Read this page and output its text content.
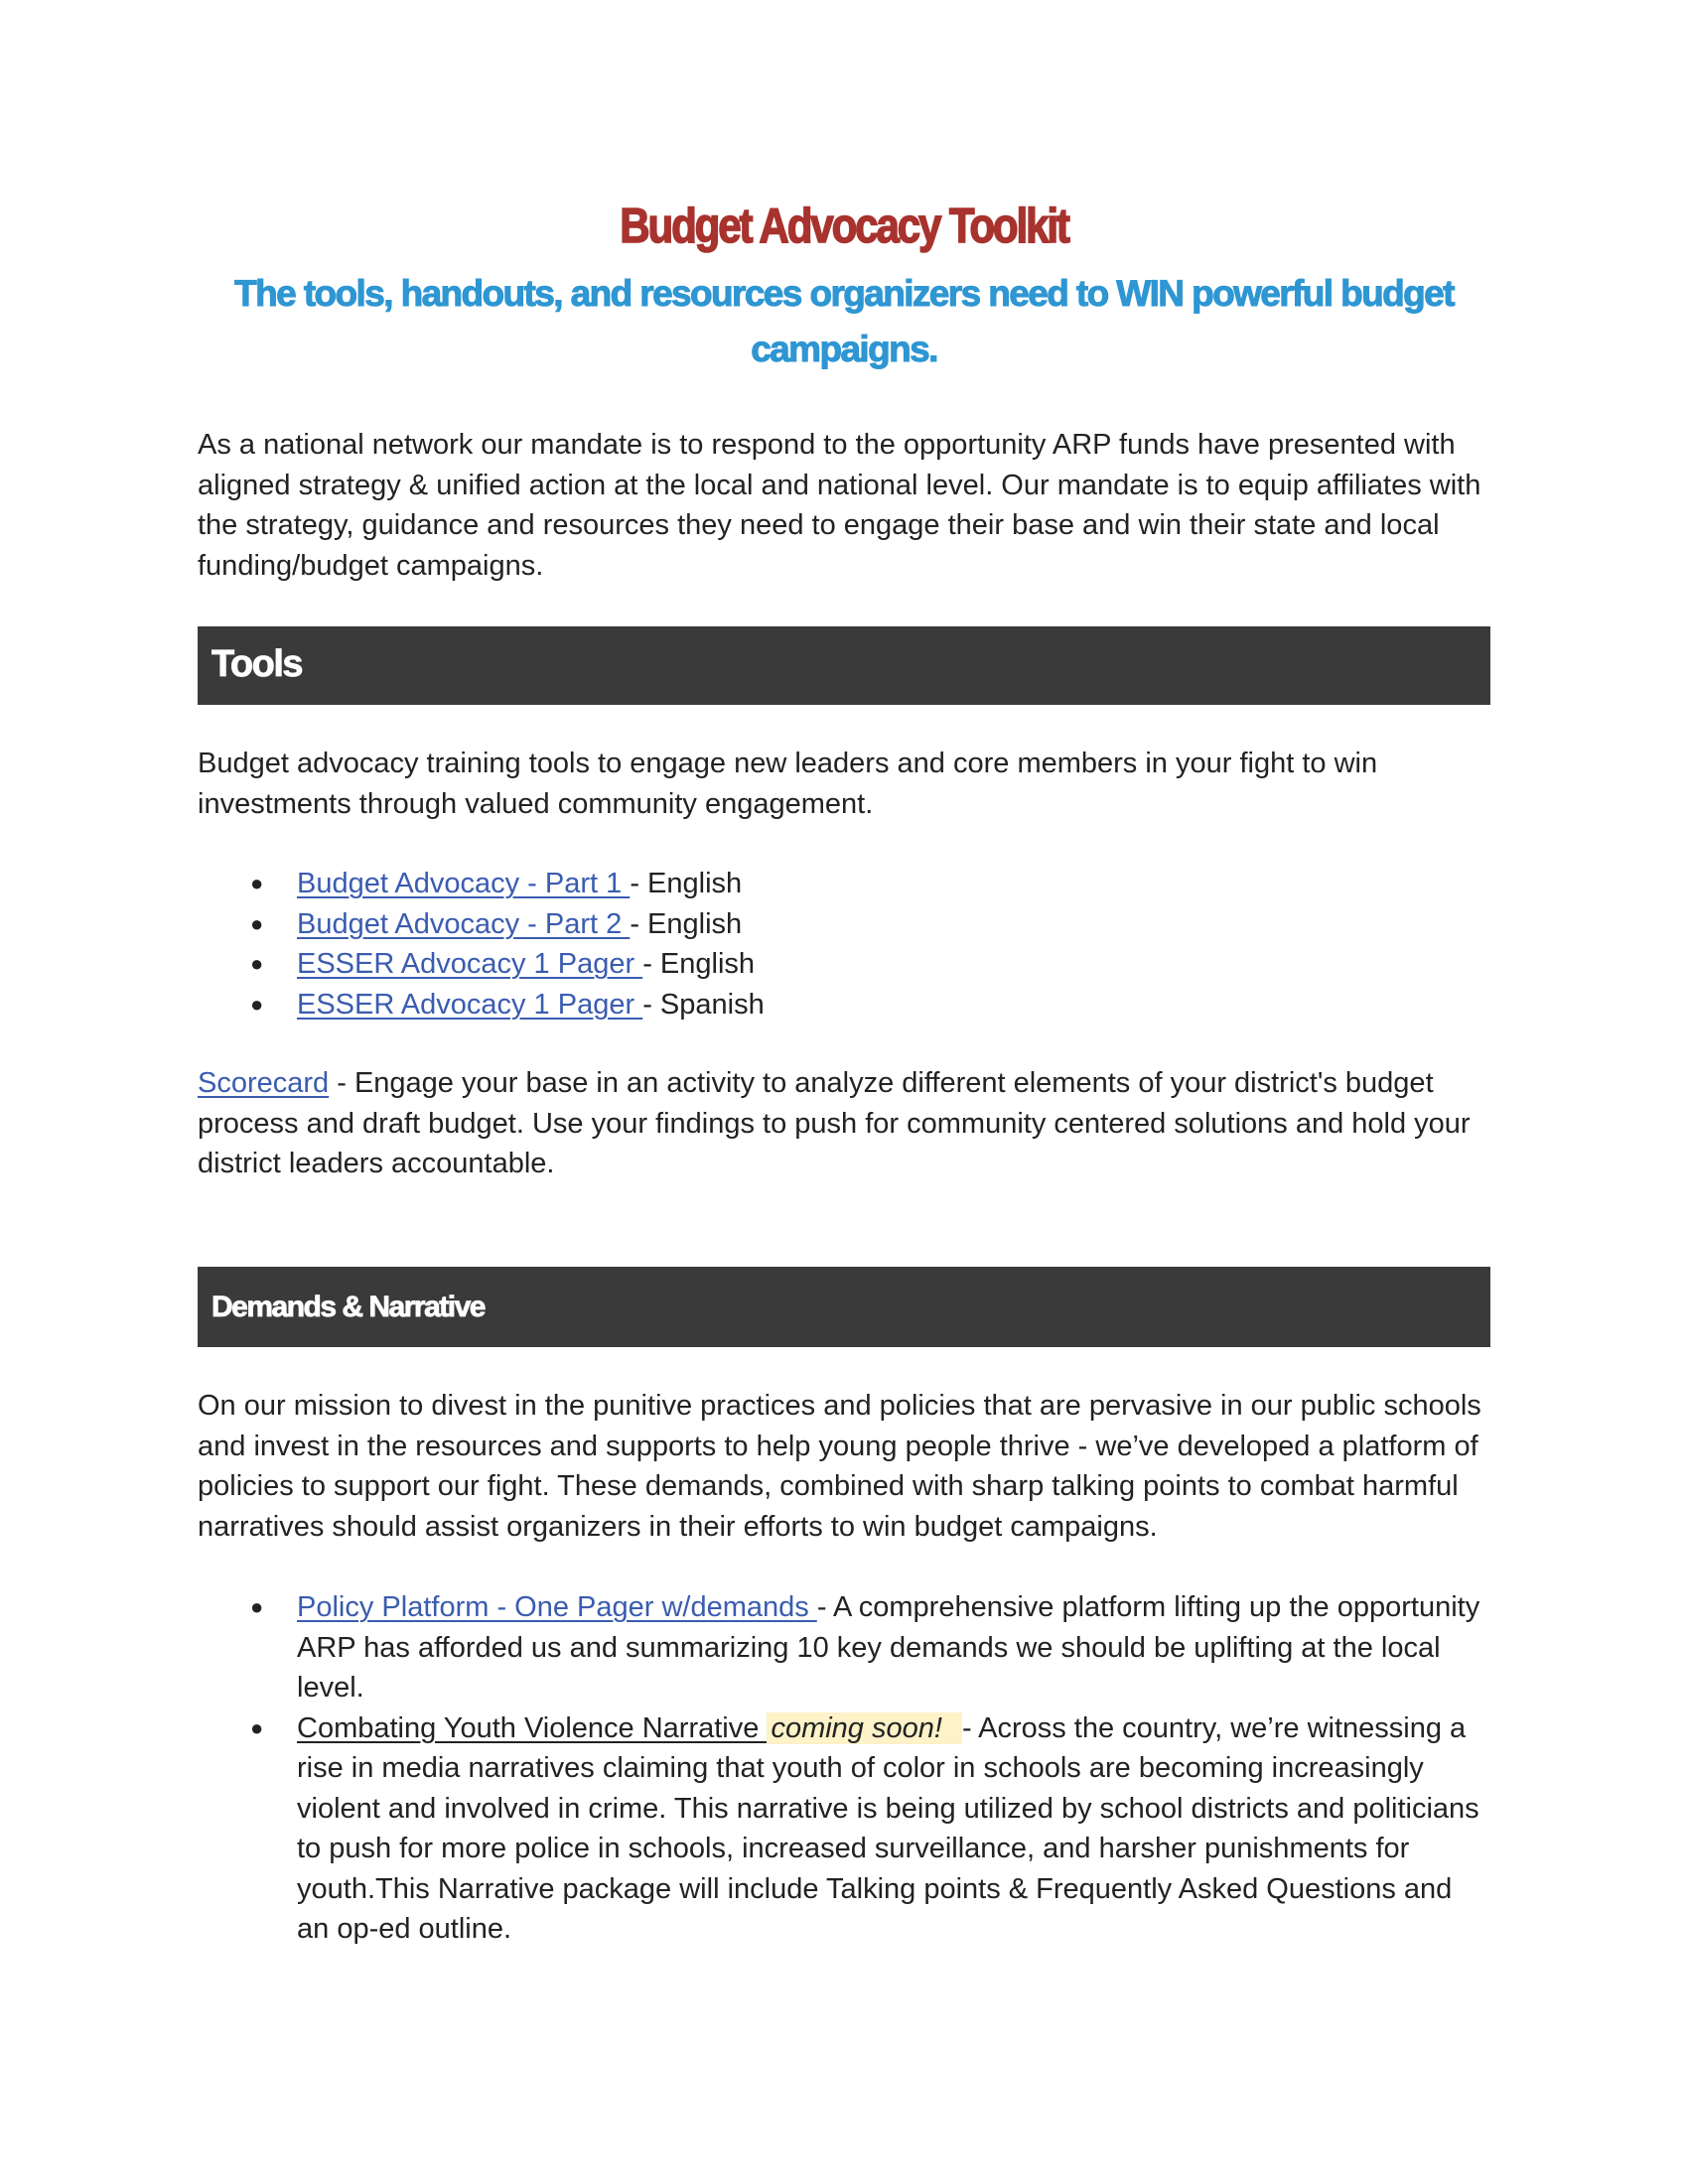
Budget Advocacy Toolkit
The tools, handouts, and resources organizers need to WIN powerful budget campaigns.
As a national network our mandate is to respond to the opportunity ARP funds have presented with aligned strategy & unified action at the local and national level. Our mandate is to equip affiliates with the strategy, guidance and resources they need to engage their base and win their state and local funding/budget campaigns.
Tools
Budget advocacy training tools to engage new leaders and core members in your fight to win investments through valued community engagement.
● Budget Advocacy - Part 1 - English
● Budget Advocacy - Part 2 - English
● ESSER Advocacy 1 Pager - English
● ESSER Advocacy 1 Pager - Spanish
Scorecard - Engage your base in an activity to analyze different elements of your district's budget process and draft budget. Use your findings to push for community centered solutions and hold your district leaders accountable.
Demands & Narrative
On our mission to divest in the punitive practices and policies that are pervasive in our public schools and invest in the resources and supports to help young people thrive - we’ve developed a platform of policies to support our fight. These demands, combined with sharp talking points to combat harmful narratives should assist organizers in their efforts to win budget campaigns.
● Policy Platform - One Pager w/demands - A comprehensive platform lifting up the opportunity ARP has afforded us and summarizing 10 key demands we should be uplifting at the local level.
● Combating Youth Violence Narrative coming soon! - Across the country, we’re witnessing a rise in media narratives claiming that youth of color in schools are becoming increasingly violent and involved in crime. This narrative is being utilized by school districts and politicians to push for more police in schools, increased surveillance, and harsher punishments for youth.This Narrative package will include Talking points & Frequently Asked Questions and an op-ed outline.
